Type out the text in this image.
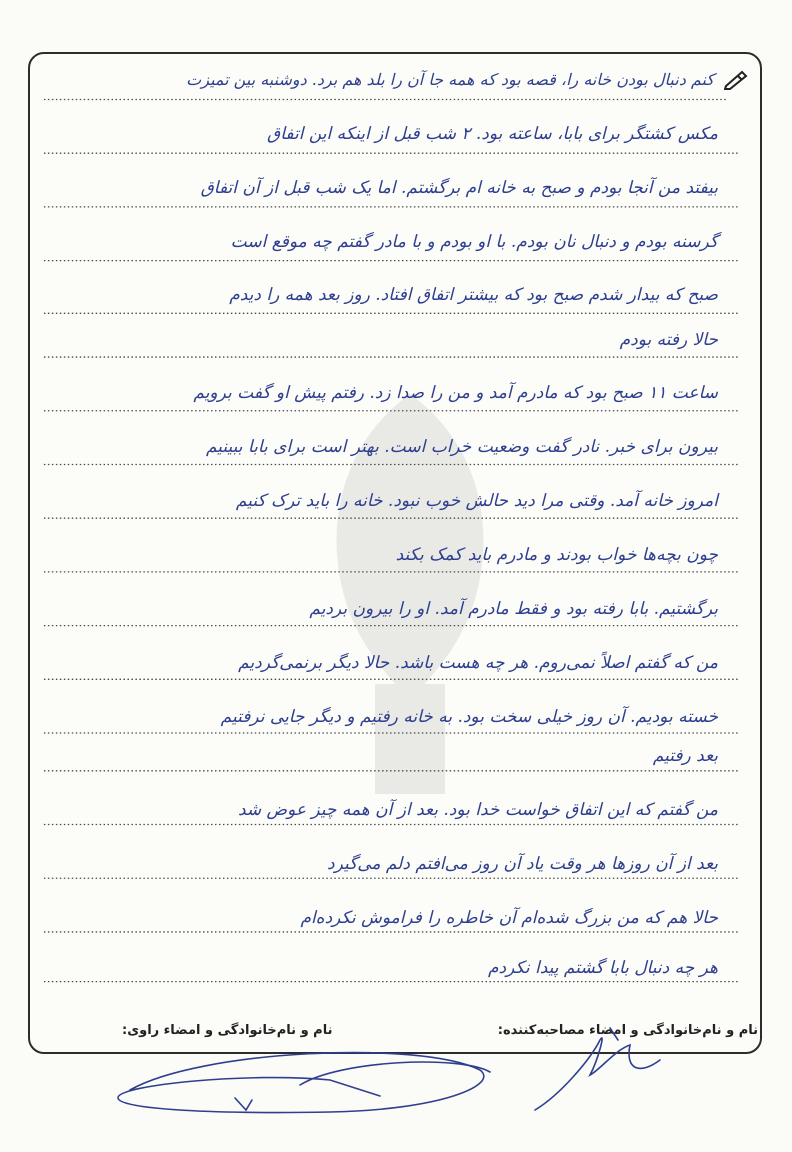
کنم دنبال بودن خانه را، قصه بود که همه جا آن را بلد هم برد. دوشنبه بین تمیزت
مکس کشتگر برای بابا، ساعته بود. ۲ شب قبل از اینکه این اتفاق
بیفتد من آنجا بودم و صبح به خانه ام برگشتم. اما یک شب قبل از آن اتفاق
گرسنه بودم و دنبال نان بودم. با او بودم و با مادر گفتم چه موقع است
صبح که بیدار شدم صبح بود که بیشتر اتفاق افتاد. روز بعد همه را دیدم
حالا رفته بودم
ساعت ۱۱ صبح بود که مادرم آمد و من را صدا زد. رفتم پیش او گفت برویم
بیرون برای خبر. نادر گفت وضعیت خراب است. بهتر است برای بابا ببینیم
امروز خانه آمد. وقتی مرا دید حالش خوب نبود. خانه را باید ترک کنیم
چون بچه‌ها خواب بودند و مادرم باید کمک بکند
برگشتیم. بابا رفته بود و فقط مادرم آمد. او را بیرون بردیم
من که گفتم اصلاً نمی‌روم. هر چه هست باشد. حالا دیگر برنمی‌گردیم
خسته بودیم. آن روز خیلی سخت بود. به خانه رفتیم و دیگر جایی نرفتیم
بعد رفتیم
من گفتم که این اتفاق خواست خدا بود. بعد از آن همه چیز عوض شد
بعد از آن روزها هر وقت یاد آن روز می‌افتم دلم می‌گیرد
حالا هم که من بزرگ شده‌ام آن خاطره را فراموش نکرده‌ام
هر چه دنبال بابا گشتم پیدا نکردم
نام و نام‌خانوادگی و امضاء راوی:	نام و نام‌خانوادگی و امضاء مصاحبه‌کننده:
